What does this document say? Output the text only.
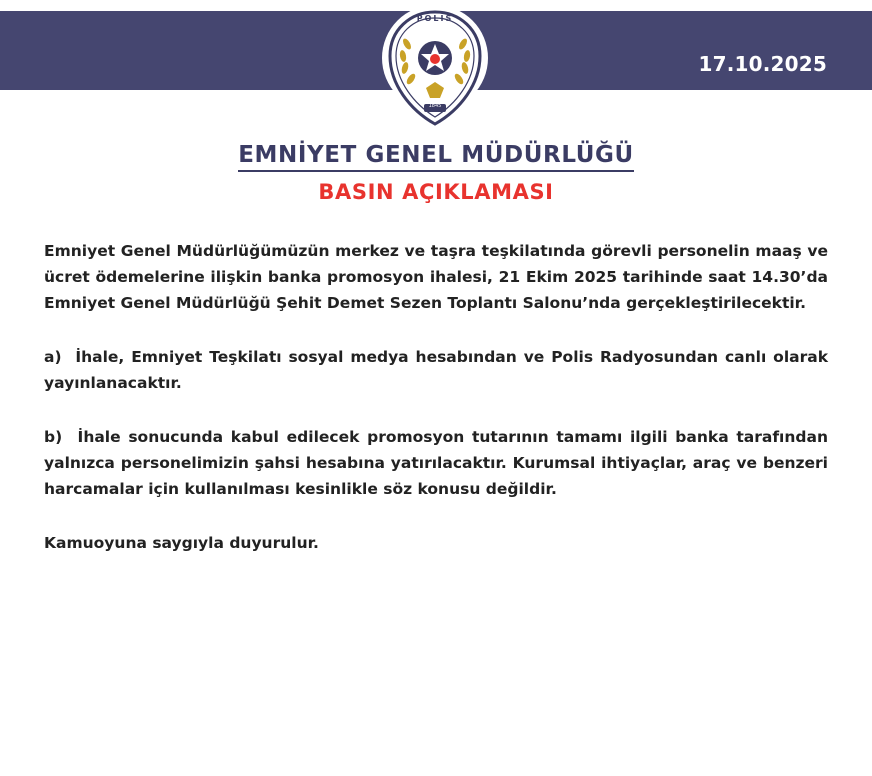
17.10.2025
POLIS
1845
EMNİYET GENEL MÜDÜRLÜĞÜ
BASIN AÇIKLAMASI

Emniyet Genel Müdürlüğümüzün merkez ve taşra teşkilatında görevli personelin maaş ve ücret ödemelerine ilişkin banka promosyon ihalesi, 21 Ekim 2025 tarihinde saat 14.30’da Emniyet Genel Müdürlüğü Şehit Demet Sezen Toplantı Salonu’nda gerçekleştirilecektir.

a)  İhale, Emniyet Teşkilatı sosyal medya hesabından ve Polis Radyosundan canlı olarak yayınlanacaktır.

b)  İhale sonucunda kabul edilecek promosyon tutarının tamamı ilgili banka tarafından yalnızca personelimizin şahsi hesabına yatırılacaktır. Kurumsal ihtiyaçlar, araç ve benzeri harcamalar için kullanılması kesinlikle söz konusu değildir.

Kamuoyuna saygıyla duyurulur.
